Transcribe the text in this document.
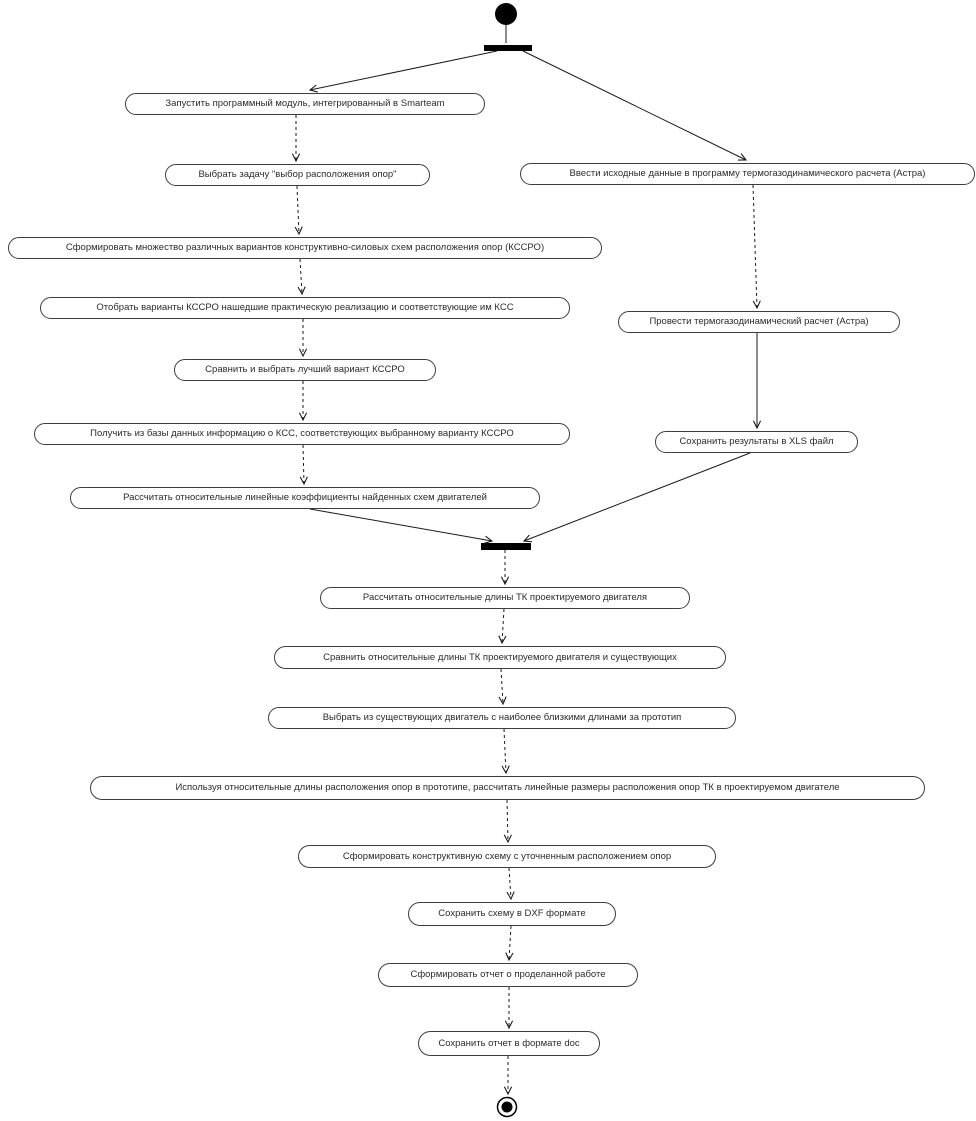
Запустить программный модуль, интегрированный в Smarteam
Выбрать задачу "выбор расположения опор"
Сформировать множество различных вариантов конструктивно-силовых схем расположения опор (КССРО)
Отобрать варианты КССРО нашедшие практическую реализацию и соответствующие им КСС
Сравнить и выбрать лучший вариант КССРО
Получить из базы данных информацию о КСС, соответствующих выбранному варианту КССРО
Рассчитать относительные линейные коэффициенты найденных схем двигателей
Ввести исходные данные в программу термогазодинамического расчета (Астра)
Провести термогазодинамический расчет (Астра)
Сохранить результаты в XLS файл
Рассчитать относительные длины ТК проектируемого двигателя
Сравнить относительные длины ТК проектируемого двигателя и существующих
Выбрать из существующих двигатель с наиболее близкими длинами за прототип
Используя относительные длины расположения опор в прототипе, рассчитать линейные размеры расположения опор ТК в проектируемом двигателе
Сформировать конструктивную схему с уточненным расположением опор
Сохранить схему в DXF формате
Сформировать отчет о проделанной работе
Сохранить отчет в формате doc
